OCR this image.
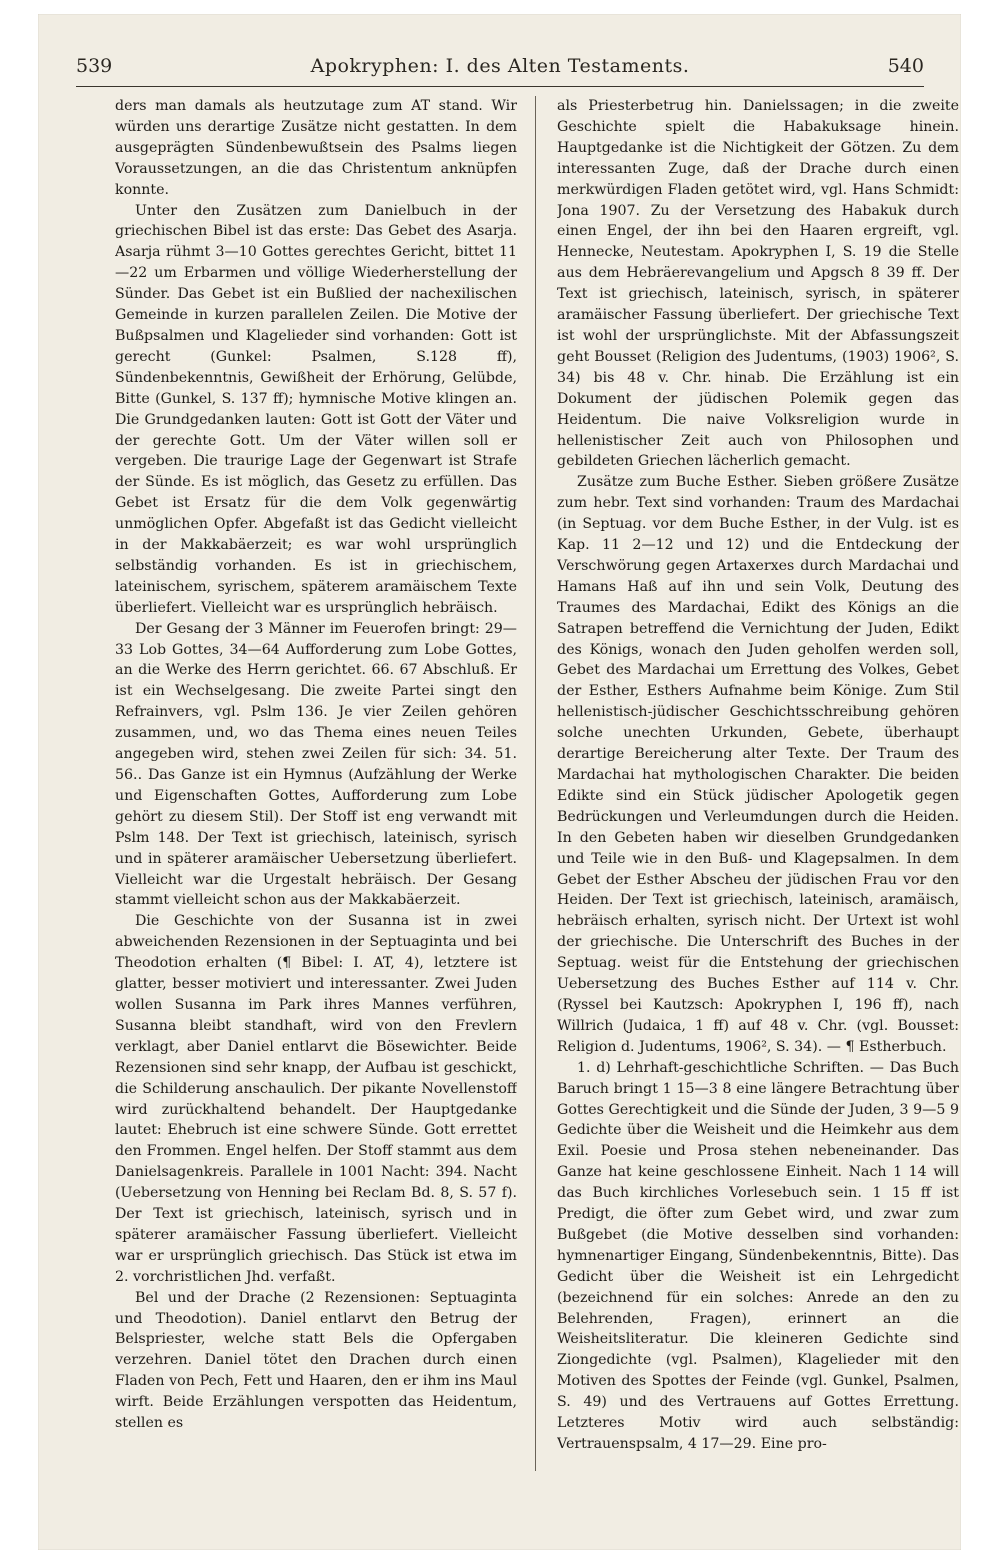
539	Apokryphen: I. des Alten Testaments.	540

ders man damals als heutzutage zum AT stand. Wir würden uns derartige Zusätze nicht gestatten. In dem ausgeprägten Sündenbewußtsein des Psalms liegen Voraussetzungen, an die das Christentum anknüpfen konnte.

Unter den Zusätzen zum Danielbuch in der griechischen Bibel ist das erste: Das Gebet des Asarja. Asarja rühmt 3—10 Gottes gerechtes Gericht, bittet 11—22 um Erbarmen und völlige Wiederherstellung der Sünder. Das Gebet ist ein Bußlied der nachexilischen Gemeinde in kurzen parallelen Zeilen. Die Motive der Bußpsalmen und Klagelieder sind vorhanden: Gott ist gerecht (Gunkel: Psalmen, S.128 ff), Sündenbekenntnis, Gewißheit der Erhörung, Gelübde, Bitte (Gunkel, S. 137 ff); hymnische Motive klingen an. Die Grundgedanken lauten: Gott ist Gott der Väter und der gerechte Gott. Um der Väter willen soll er vergeben. Die traurige Lage der Gegenwart ist Strafe der Sünde. Es ist möglich, das Gesetz zu erfüllen. Das Gebet ist Ersatz für die dem Volk gegenwärtig unmöglichen Opfer. Abgefaßt ist das Gedicht vielleicht in der Makkabäerzeit; es war wohl ursprünglich selbständig vorhanden. Es ist in griechischem, lateinischem, syrischem, späterem aramäischem Texte überliefert. Vielleicht war es ursprünglich hebräisch.

Der Gesang der 3 Männer im Feuerofen bringt: 29—33 Lob Gottes, 34—64 Aufforderung zum Lobe Gottes, an die Werke des Herrn gerichtet. 66. 67 Abschluß. Er ist ein Wechselgesang. Die zweite Partei singt den Refrainvers, vgl. Pslm 136. Je vier Zeilen gehören zusammen, und, wo das Thema eines neuen Teiles angegeben wird, stehen zwei Zeilen für sich: 34. 51. 56.. Das Ganze ist ein Hymnus (Aufzählung der Werke und Eigenschaften Gottes, Aufforderung zum Lobe gehört zu diesem Stil). Der Stoff ist eng verwandt mit Pslm 148. Der Text ist griechisch, lateinisch, syrisch und in späterer aramäischer Uebersetzung überliefert. Vielleicht war die Urgestalt hebräisch. Der Gesang stammt vielleicht schon aus der Makkabäerzeit.

Die Geschichte von der Susanna ist in zwei abweichenden Rezensionen in der Septuaginta und bei Theodotion erhalten (¶ Bibel: I. AT, 4), letztere ist glatter, besser motiviert und interessanter. Zwei Juden wollen Susanna im Park ihres Mannes verführen, Susanna bleibt standhaft, wird von den Frevlern verklagt, aber Daniel entlarvt die Bösewichter. Beide Rezensionen sind sehr knapp, der Aufbau ist geschickt, die Schilderung anschaulich. Der pikante Novellenstoff wird zurückhaltend behandelt. Der Hauptgedanke lautet: Ehebruch ist eine schwere Sünde. Gott errettet den Frommen. Engel helfen. Der Stoff stammt aus dem Danielsagenkreis. Parallele in 1001 Nacht: 394. Nacht (Uebersetzung von Henning bei Reclam Bd. 8, S. 57 f). Der Text ist griechisch, lateinisch, syrisch und in späterer aramäischer Fassung überliefert. Vielleicht war er ursprünglich griechisch. Das Stück ist etwa im 2. vorchristlichen Jhd. verfaßt.

Bel und der Drache (2 Rezensionen: Septuaginta und Theodotion). Daniel entlarvt den Betrug der Belspriester, welche statt Bels die Opfergaben verzehren. Daniel tötet den Drachen durch einen Fladen von Pech, Fett und Haaren, den er ihm ins Maul wirft. Beide Erzählungen verspotten das Heidentum, stellen es

als Priesterbetrug hin. Danielssagen; in die zweite Geschichte spielt die Habakuksage hinein. Hauptgedanke ist die Nichtigkeit der Götzen. Zu dem interessanten Zuge, daß der Drache durch einen merkwürdigen Fladen getötet wird, vgl. Hans Schmidt: Jona 1907. Zu der Versetzung des Habakuk durch einen Engel, der ihn bei den Haaren ergreift, vgl. Hennecke, Neutestam. Apokryphen I, S. 19 die Stelle aus dem Hebräerevangelium und Apgsch 8 39 ff. Der Text ist griechisch, lateinisch, syrisch, in späterer aramäischer Fassung überliefert. Der griechische Text ist wohl der ursprünglichste. Mit der Abfassungszeit geht Bousset (Religion des Judentums, (1903) 1906², S. 34) bis 48 v. Chr. hinab. Die Erzählung ist ein Dokument der jüdischen Polemik gegen das Heidentum. Die naive Volksreligion wurde in hellenistischer Zeit auch von Philosophen und gebildeten Griechen lächerlich gemacht.

Zusätze zum Buche Esther. Sieben größere Zusätze zum hebr. Text sind vorhanden: Traum des Mardachai (in Septuag. vor dem Buche Esther, in der Vulg. ist es Kap. 11 2—12 und 12) und die Entdeckung der Verschwörung gegen Artaxerxes durch Mardachai und Hamans Haß auf ihn und sein Volk, Deutung des Traumes des Mardachai, Edikt des Königs an die Satrapen betreffend die Vernichtung der Juden, Edikt des Königs, wonach den Juden geholfen werden soll, Gebet des Mardachai um Errettung des Volkes, Gebet der Esther, Esthers Aufnahme beim Könige. Zum Stil hellenistisch-jüdischer Geschichtsschreibung gehören solche unechten Urkunden, Gebete, überhaupt derartige Bereicherung alter Texte. Der Traum des Mardachai hat mythologischen Charakter. Die beiden Edikte sind ein Stück jüdischer Apologetik gegen Bedrückungen und Verleumdungen durch die Heiden. In den Gebeten haben wir dieselben Grundgedanken und Teile wie in den Buß- und Klagepsalmen. In dem Gebet der Esther Abscheu der jüdischen Frau vor den Heiden. Der Text ist griechisch, lateinisch, aramäisch, hebräisch erhalten, syrisch nicht. Der Urtext ist wohl der griechische. Die Unterschrift des Buches in der Septuag. weist für die Entstehung der griechischen Uebersetzung des Buches Esther auf 114 v. Chr. (Ryssel bei Kautzsch: Apokryphen I, 196 ff), nach Willrich (Judaica, 1 ff) auf 48 v. Chr. (vgl. Bousset: Religion d. Judentums, 1906², S. 34). — ¶ Estherbuch.

1. d) Lehrhaft-geschichtliche Schriften. — Das Buch Baruch bringt 1 15—3 8 eine längere Betrachtung über Gottes Gerechtigkeit und die Sünde der Juden, 3 9—5 9 Gedichte über die Weisheit und die Heimkehr aus dem Exil. Poesie und Prosa stehen nebeneinander. Das Ganze hat keine geschlossene Einheit. Nach 1 14 will das Buch kirchliches Vorlesebuch sein. 1 15 ff ist Predigt, die öfter zum Gebet wird, und zwar zum Bußgebet (die Motive desselben sind vorhanden: hymnenartiger Eingang, Sündenbekenntnis, Bitte). Das Gedicht über die Weisheit ist ein Lehrgedicht (bezeichnend für ein solches: Anrede an den zu Belehrenden, Fragen), erinnert an die Weisheitsliteratur. Die kleineren Gedichte sind Ziongedichte (vgl. Psalmen), Klagelieder mit den Motiven des Spottes der Feinde (vgl. Gunkel, Psalmen, S. 49) und des Vertrauens auf Gottes Errettung. Letzteres Motiv wird auch selbständig: Vertrauenspsalm, 4 17—29. Eine pro-
